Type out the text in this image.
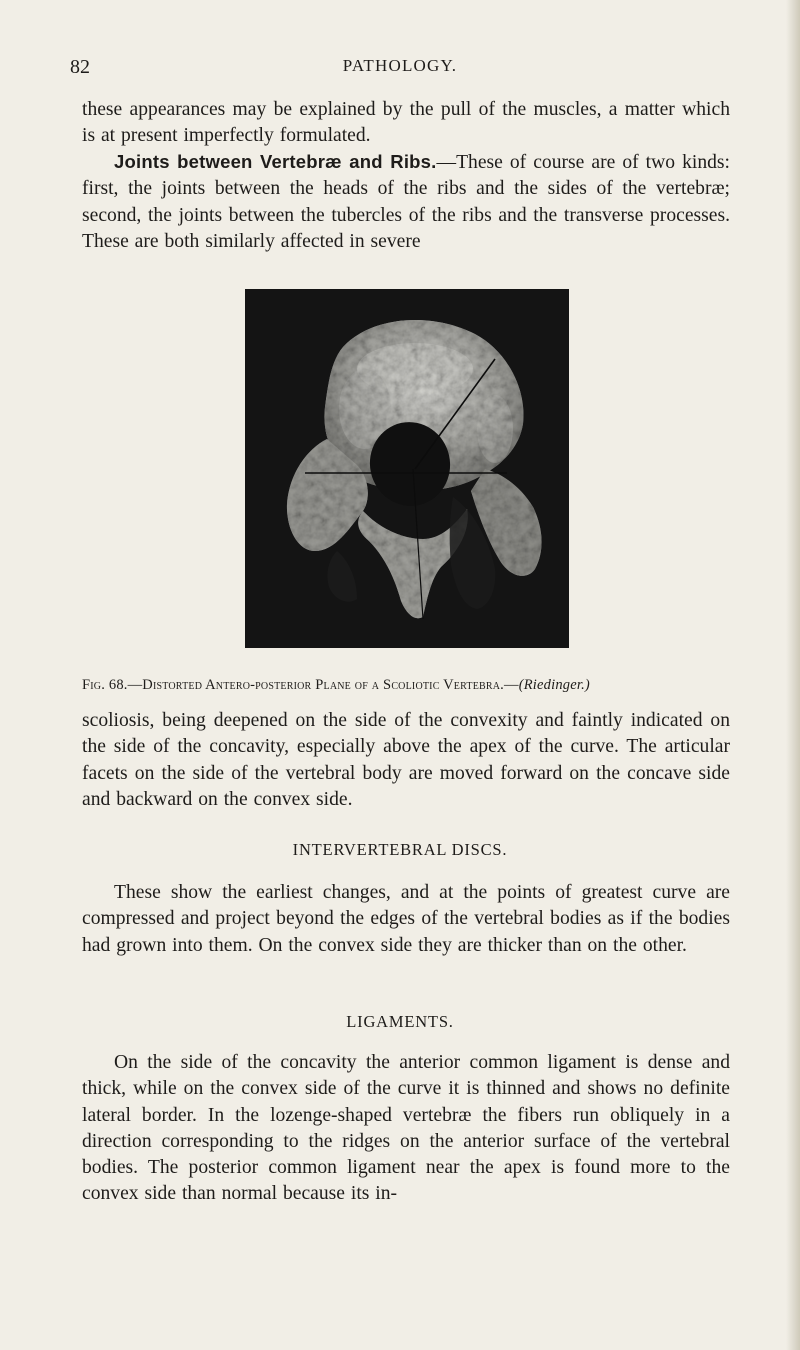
82	PATHOLOGY.

these appearances may be explained by the pull of the muscles, a matter which is at present imperfectly formulated.

Joints between Vertebræ and Ribs.—These of course are of two kinds: first, the joints between the heads of the ribs and the sides of the vertebræ; second, the joints between the tubercles of the ribs and the transverse processes. These are both similarly affected in severe

Fig. 68.—Distorted Antero-posterior Plane of a Scoliotic Vertebra.—(Riedinger.)

scoliosis, being deepened on the side of the convexity and faintly indicated on the side of the concavity, especially above the apex of the curve. The articular facets on the side of the vertebral body are moved forward on the concave side and backward on the convex side.

INTERVERTEBRAL DISCS.

These show the earliest changes, and at the points of greatest curve are compressed and project beyond the edges of the vertebral bodies as if the bodies had grown into them. On the convex side they are thicker than on the other.

LIGAMENTS.

On the side of the concavity the anterior common ligament is dense and thick, while on the convex side of the curve it is thinned and shows no definite lateral border. In the lozenge-shaped vertebræ the fibers run obliquely in a direction corresponding to the ridges on the anterior surface of the vertebral bodies. The posterior common ligament near the apex is found more to the convex side than normal because its in-
